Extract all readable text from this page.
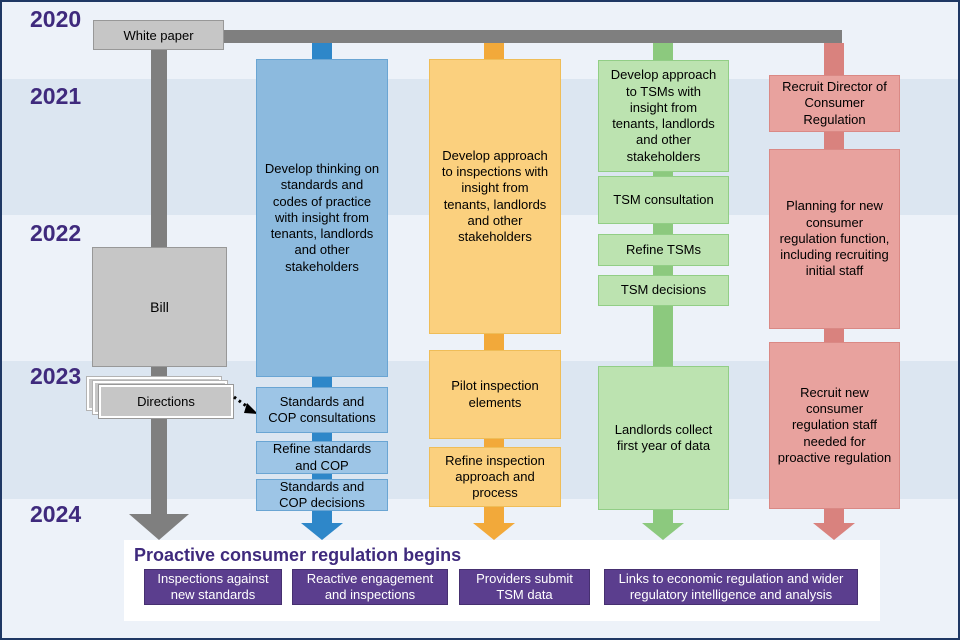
2020
2021
2022
2023
2024
White paper
Bill
Directions
Develop thinking on standards and codes of practice with insight from tenants, landlords and other stakeholders
Standards and COP consultations
Refine standards and COP
Standards and COP decisions
Develop approach to inspections with insight from tenants, landlords and other stakeholders
Pilot inspection elements
Refine inspection approach and process
Develop approach to TSMs with insight from tenants, landlords and other stakeholders
TSM consultation
Refine TSMs
TSM decisions
Landlords collect first year of data
Recruit Director of Consumer Regulation
Planning for new consumer regulation function, including recruiting initial staff
Recruit new consumer regulation staff needed for proactive regulation
Proactive consumer regulation begins
Inspections against new standards
Reactive engagement and inspections
Providers submit TSM data
Links to economic regulation and wider regulatory intelligence and analysis
